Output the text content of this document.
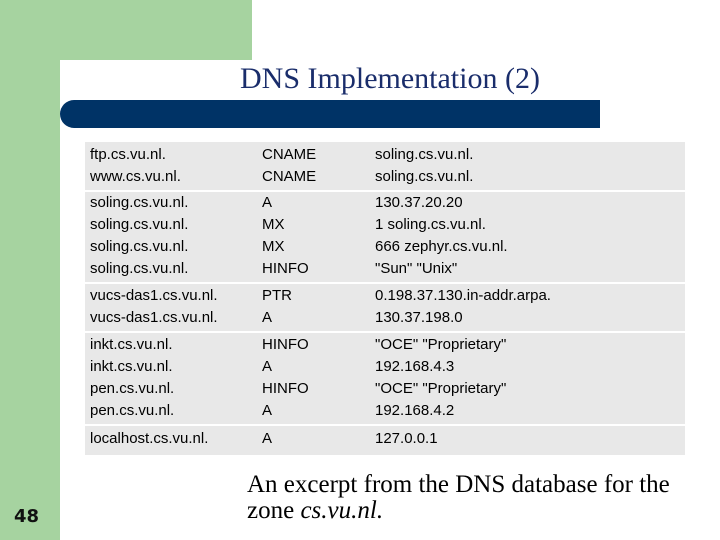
DNS Implementation (2)
ftp.cs.vu.nl.	CNAME	soling.cs.vu.nl.
www.cs.vu.nl.	CNAME	soling.cs.vu.nl.
soling.cs.vu.nl.	A	130.37.20.20
soling.cs.vu.nl.	MX	1 soling.cs.vu.nl.
soling.cs.vu.nl.	MX	666 zephyr.cs.vu.nl.
soling.cs.vu.nl.	HINFO	"Sun" "Unix"
vucs-das1.cs.vu.nl.	PTR	0.198.37.130.in-addr.arpa.
vucs-das1.cs.vu.nl.	A	130.37.198.0
inkt.cs.vu.nl.	HINFO	"OCE" "Proprietary"
inkt.cs.vu.nl.	A	192.168.4.3
pen.cs.vu.nl.	HINFO	"OCE" "Proprietary"
pen.cs.vu.nl.	A	192.168.4.2
localhost.cs.vu.nl.	A	127.0.0.1
48
An excerpt from the DNS database for the zone cs.vu.nl.
